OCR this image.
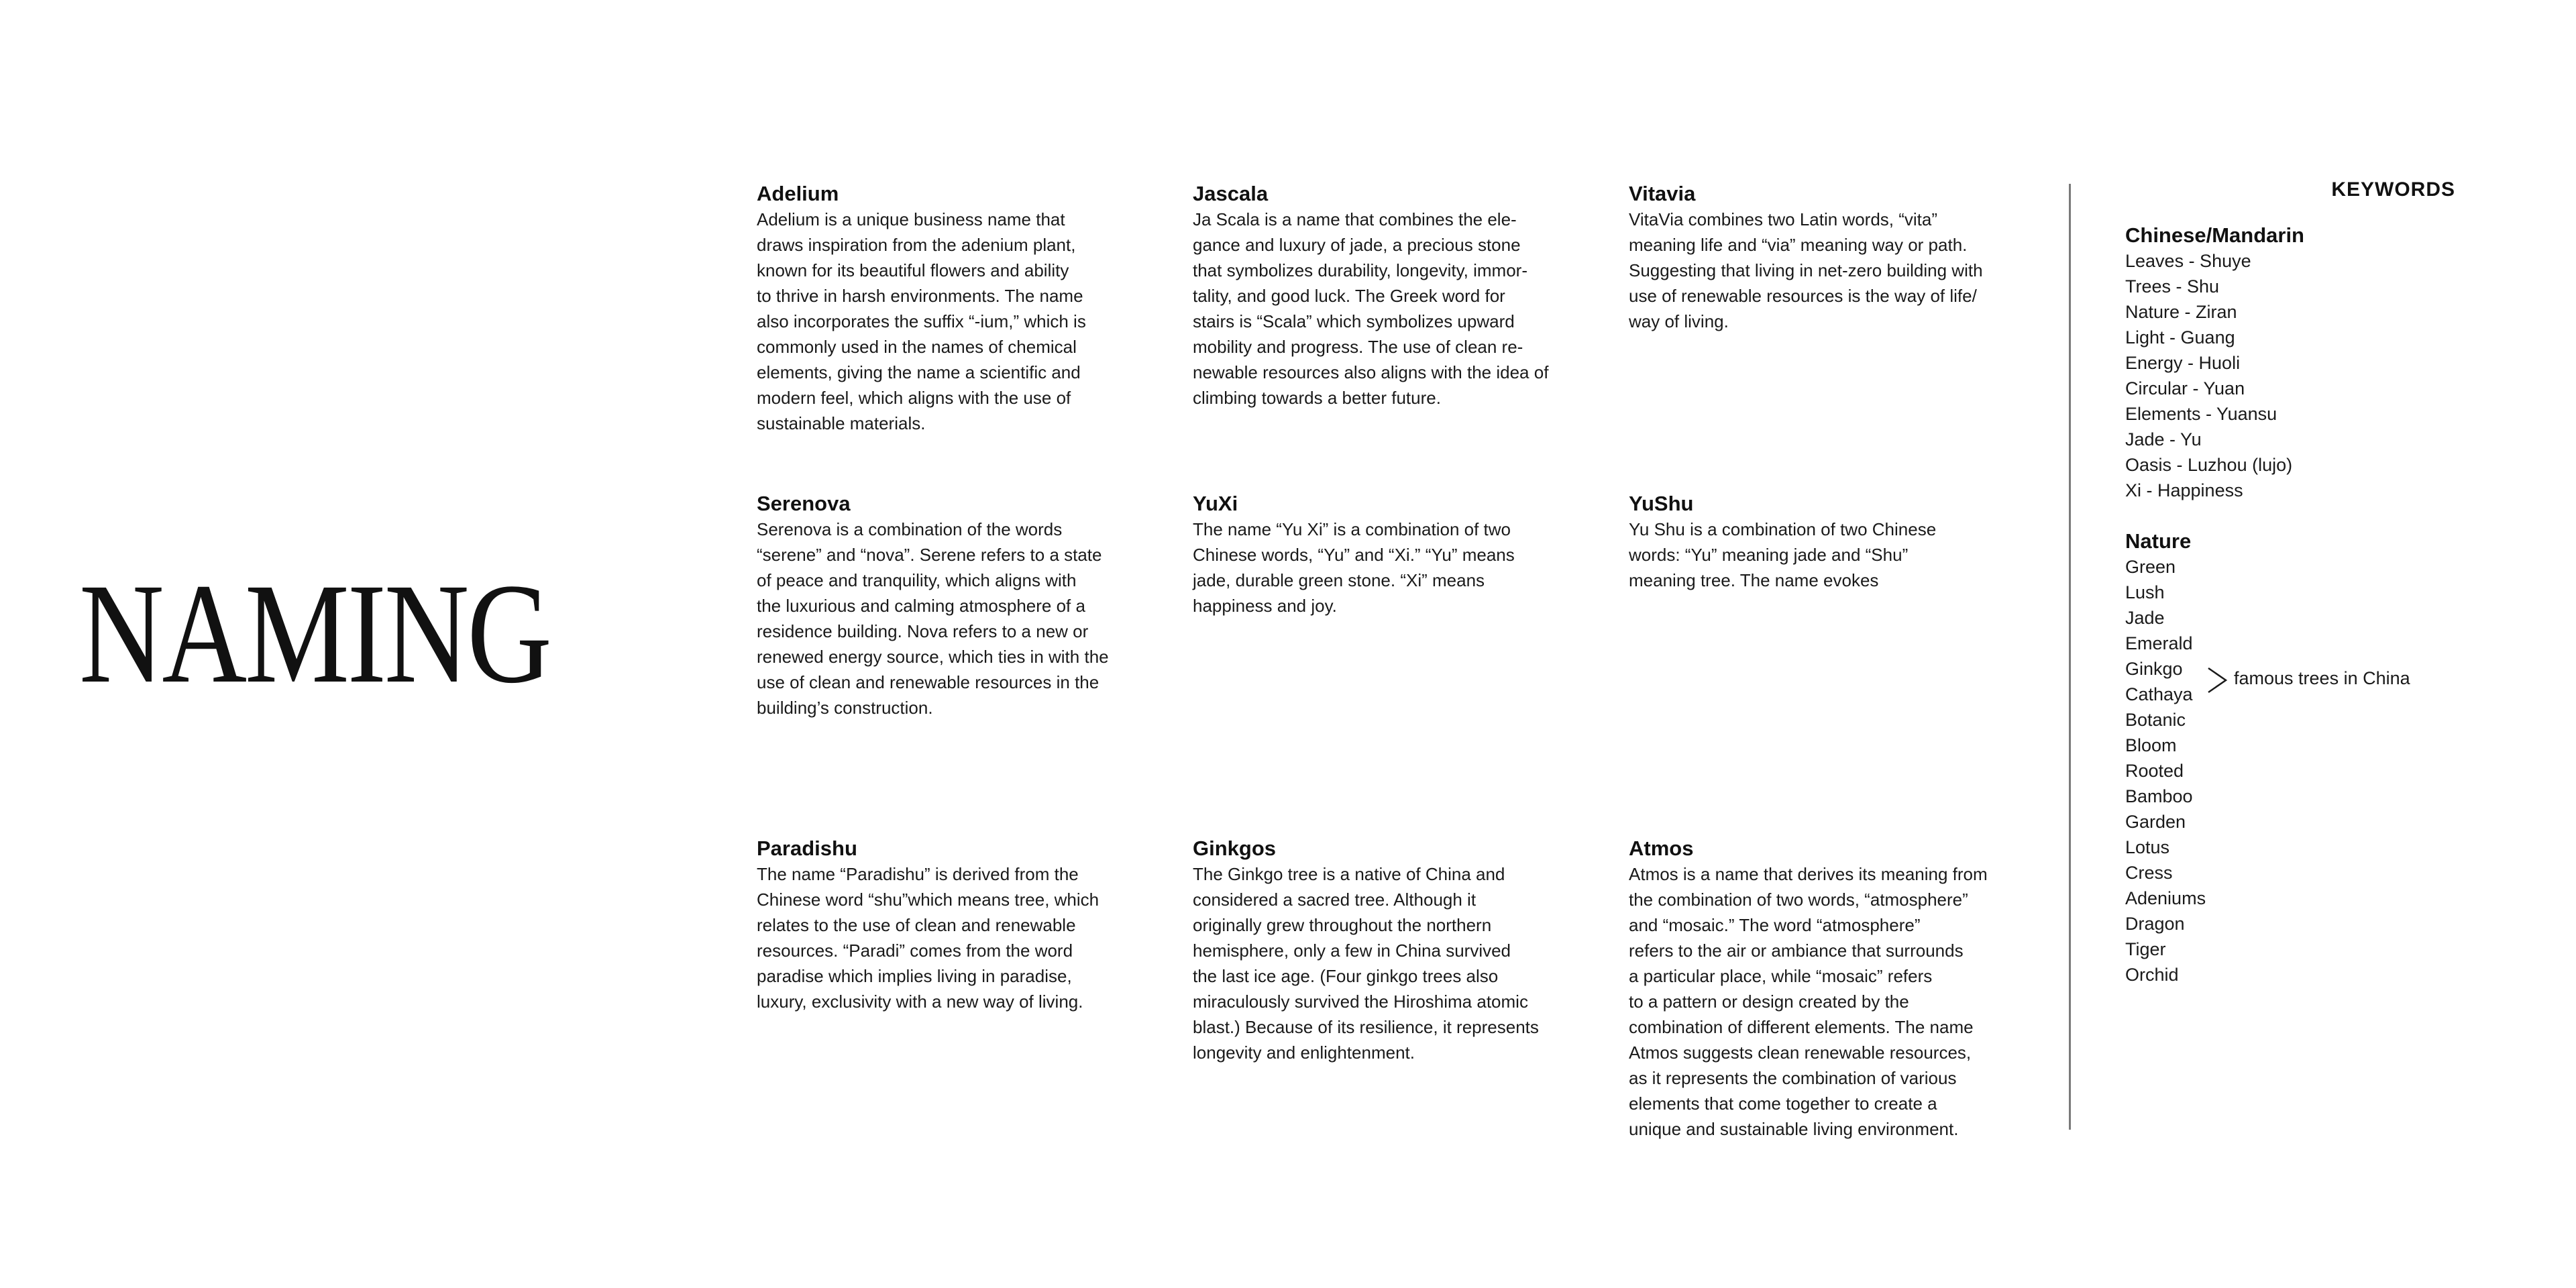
NAMING
Adelium

Adelium is a unique business name that
draws inspiration from the adenium plant,
known for its beautiful flowers and ability
to thrive in harsh environments. The name
also incorporates the suffix “-ium,” which is
commonly used in the names of chemical
elements, giving the name a scientific and
modern feel, which aligns with the use of
sustainable materials.

Jascala

Ja Scala is a name that combines the ele-
gance and luxury of jade, a precious stone
that symbolizes durability, longevity, immor-
tality, and good luck. The Greek word for
stairs is “Scala” which symbolizes upward
mobility and progress. The use of clean re-
newable resources also aligns with the idea of
climbing towards a better future.

Vitavia

VitaVia combines two Latin words, “vita”
meaning life and “via” meaning way or path.
Suggesting that living in net-zero building with
use of renewable resources is the way of life/
way of living.

Serenova

Serenova is a combination of the words
“serene” and “nova”. Serene refers to a state
of peace and tranquility, which aligns with
the luxurious and calming atmosphere of a
residence building. Nova refers to a new or
renewed energy source, which ties in with the
use of clean and renewable resources in the
building’s construction.

YuXi

The name “Yu Xi” is a combination of two
Chinese words, “Yu” and “Xi.” “Yu” means
jade, durable green stone. “Xi” means
happiness and joy.

YuShu

Yu Shu is a combination of two Chinese
words: “Yu” meaning jade and “Shu”
meaning tree. The name evokes

Paradishu

The name “Paradishu” is derived from the
Chinese word “shu”which means tree, which
relates to the use of clean and renewable
resources. “Paradi” comes from the word
paradise which implies living in paradise,
luxury, exclusivity with a new way of living.

Ginkgos

The Ginkgo tree is a native of China and
considered a sacred tree. Although it
originally grew throughout the northern
hemisphere, only a few in China survived
the last ice age. (Four ginkgo trees also
miraculously survived the Hiroshima atomic
blast.) Because of its resilience, it represents
longevity and enlightenment.

Atmos

Atmos is a name that derives its meaning from
the combination of two words, “atmosphere”
and “mosaic.” The word “atmosphere”
refers to the air or ambiance that surrounds
a particular place, while “mosaic” refers
to a pattern or design created by the
combination of different elements. The name
Atmos suggests clean renewable resources,
as it represents the combination of various
elements that come together to create a
unique and sustainable living environment.

KEYWORDS
Chinese/Mandarin
Leaves - Shuye
Trees - Shu
Nature - Ziran
Light - Guang
Energy - Huoli
Circular - Yuan
Elements - Yuansu
Jade - Yu
Oasis - Luzhou (lujo)
Xi - Happiness
Nature
Green
Lush
Jade
Emerald
Ginkgo
Cathaya
Botanic
Bloom
Rooted
Bamboo
Garden
Lotus
Cress
Adeniums
Dragon
Tiger
Orchid
famous trees in China
